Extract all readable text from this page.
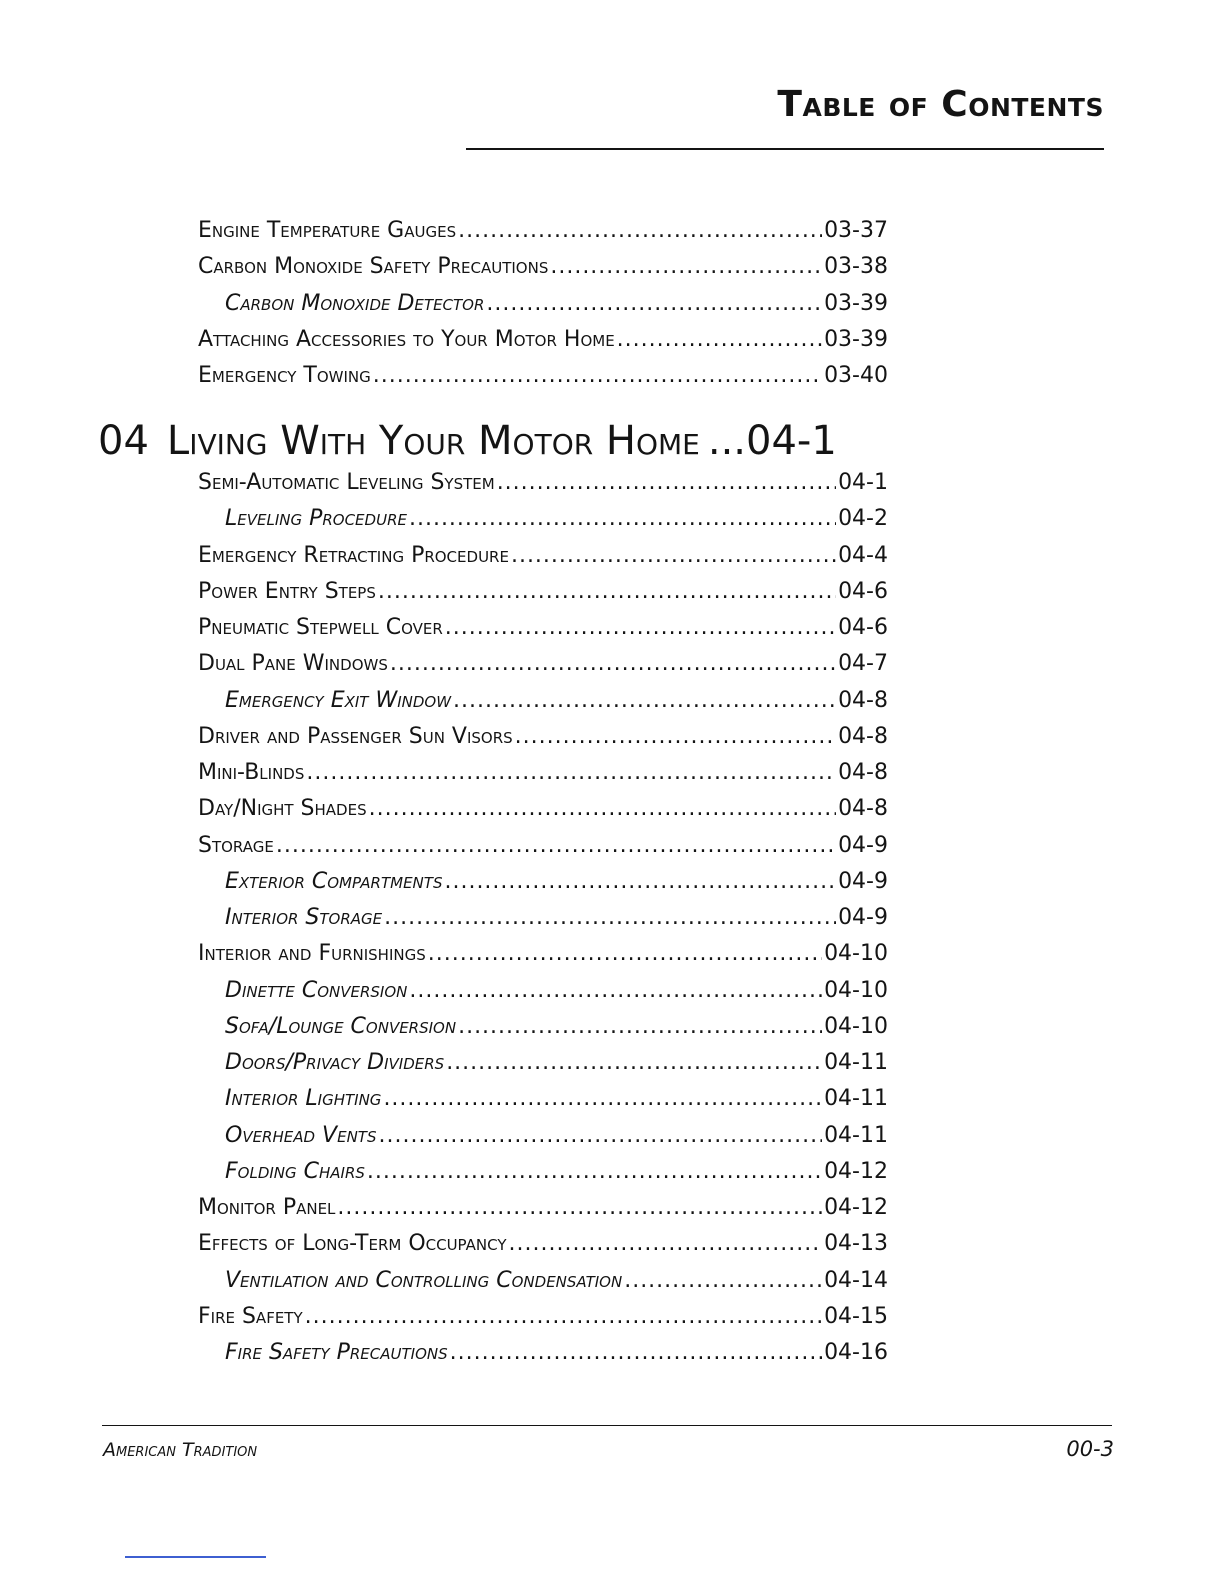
Table of Contents
Engine Temperature Gauges .....	03-37
Carbon Monoxide Safety Precautions .....	03-38
Carbon Monoxide Detector .....	03-39
Attaching Accessories to Your Motor Home .....	03-39
Emergency Towing .....	03-40
04 Living With Your Motor Home ... 04-1
Semi-Automatic Leveling System .....	04-1
Leveling Procedure .....	04-2
Emergency Retracting Procedure .....	04-4
Power Entry Steps .....	04-6
Pneumatic Stepwell Cover .....	04-6
Dual Pane Windows .....	04-7
Emergency Exit Window .....	04-8
Driver and Passenger Sun Visors .....	04-8
Mini-Blinds .....	04-8
Day/Night Shades .....	04-8
Storage .....	04-9
Exterior Compartments .....	04-9
Interior Storage .....	04-9
Interior and Furnishings .....	04-10
Dinette Conversion .....	04-10
Sofa/Lounge Conversion .....	04-10
Doors/Privacy Dividers .....	04-11
Interior Lighting .....	04-11
Overhead Vents .....	04-11
Folding Chairs .....	04-12
Monitor Panel .....	04-12
Effects of Long-Term Occupancy .....	04-13
Ventilation and Controlling Condensation .....	04-14
Fire Safety .....	04-15
Fire Safety Precautions .....	04-16
American Tradition	00-3
